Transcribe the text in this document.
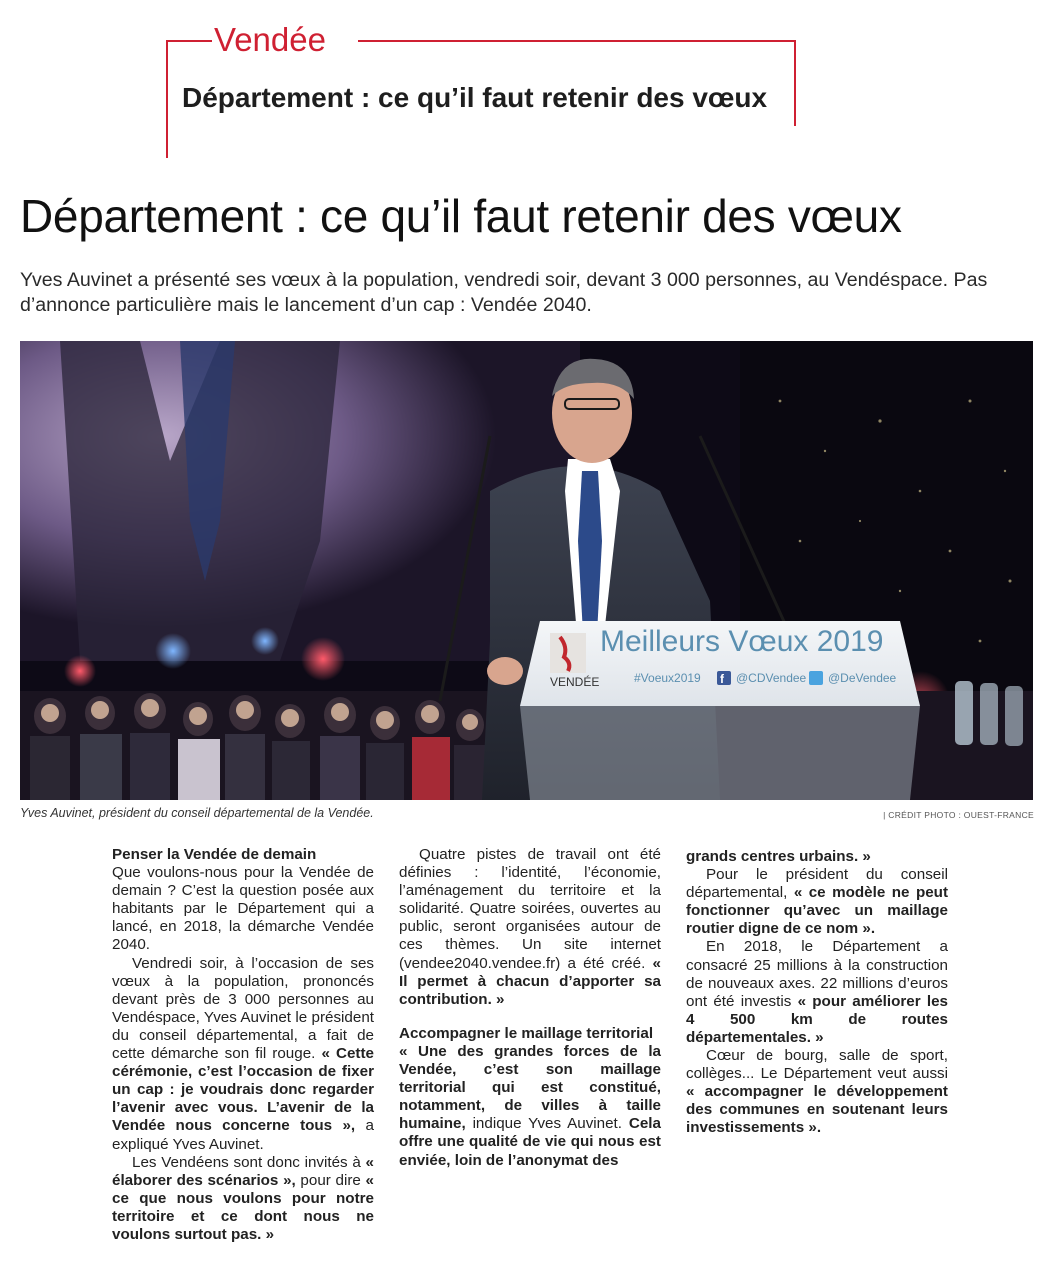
Vendée
Département : ce qu’il faut retenir des vœux
Département : ce qu’il faut retenir des vœux

Yves Auvinet a présenté ses vœux à la population, vendredi soir, devant 3 000 personnes, au Vendéspace. Pas d’annonce particulière mais le lancement d’un cap : Vendée 2040.

VENDÉE
Meilleurs Vœux 2019
#Voeux2019 f @CDVendee @DeVendee
Yves Auvinet, président du conseil départemental de la Vendée.	| CRÉDIT PHOTO : OUEST-FRANCE

Penser la Vendée de demain

Que voulons-nous pour la Vendée de demain ? C’est la question posée aux habitants par le Département qui a lancé, en 2018, la démarche Vendée 2040.

Vendredi soir, à l’occasion de ses vœux à la population, prononcés devant près de 3 000 personnes au Vendéspace, Yves Auvinet le président du conseil départemental, a fait de cette démarche son fil rouge. « Cette cérémonie, c’est l’occasion de fixer un cap : je voudrais donc regarder l’avenir avec vous. L’avenir de la Vendée nous concerne tous », a expliqué Yves Auvinet.

Les Vendéens sont donc invités à « élaborer des scénarios », pour dire « ce que nous voulons pour notre territoire et ce dont nous ne voulons surtout pas. »

Quatre pistes de travail ont été définies : l’identité, l’économie, l’aménagement du territoire et la solidarité. Quatre soirées, ouvertes au public, seront organisées autour de ces thèmes. Un site internet (vendee2040.vendee.fr) a été créé. « Il permet à chacun d’apporter sa contribution. »

Accompagner le maillage territorial

« Une des grandes forces de la Vendée, c’est son maillage territorial qui est constitué, notamment, de villes à taille humaine, indique Yves Auvinet. Cela offre une qualité de vie qui nous est enviée, loin de l’anonymat des

grands centres urbains. »

Pour le président du conseil départemental, « ce modèle ne peut fonctionner qu’avec un maillage routier digne de ce nom ».

En 2018, le Département a consacré 25 millions à la construction de nouveaux axes. 22 millions d’euros ont été investis « pour améliorer les 4 500 km de routes départementales. »

Cœur de bourg, salle de sport, collèges... Le Département veut aussi « accompagner le développement des communes en soutenant leurs investissements ».
